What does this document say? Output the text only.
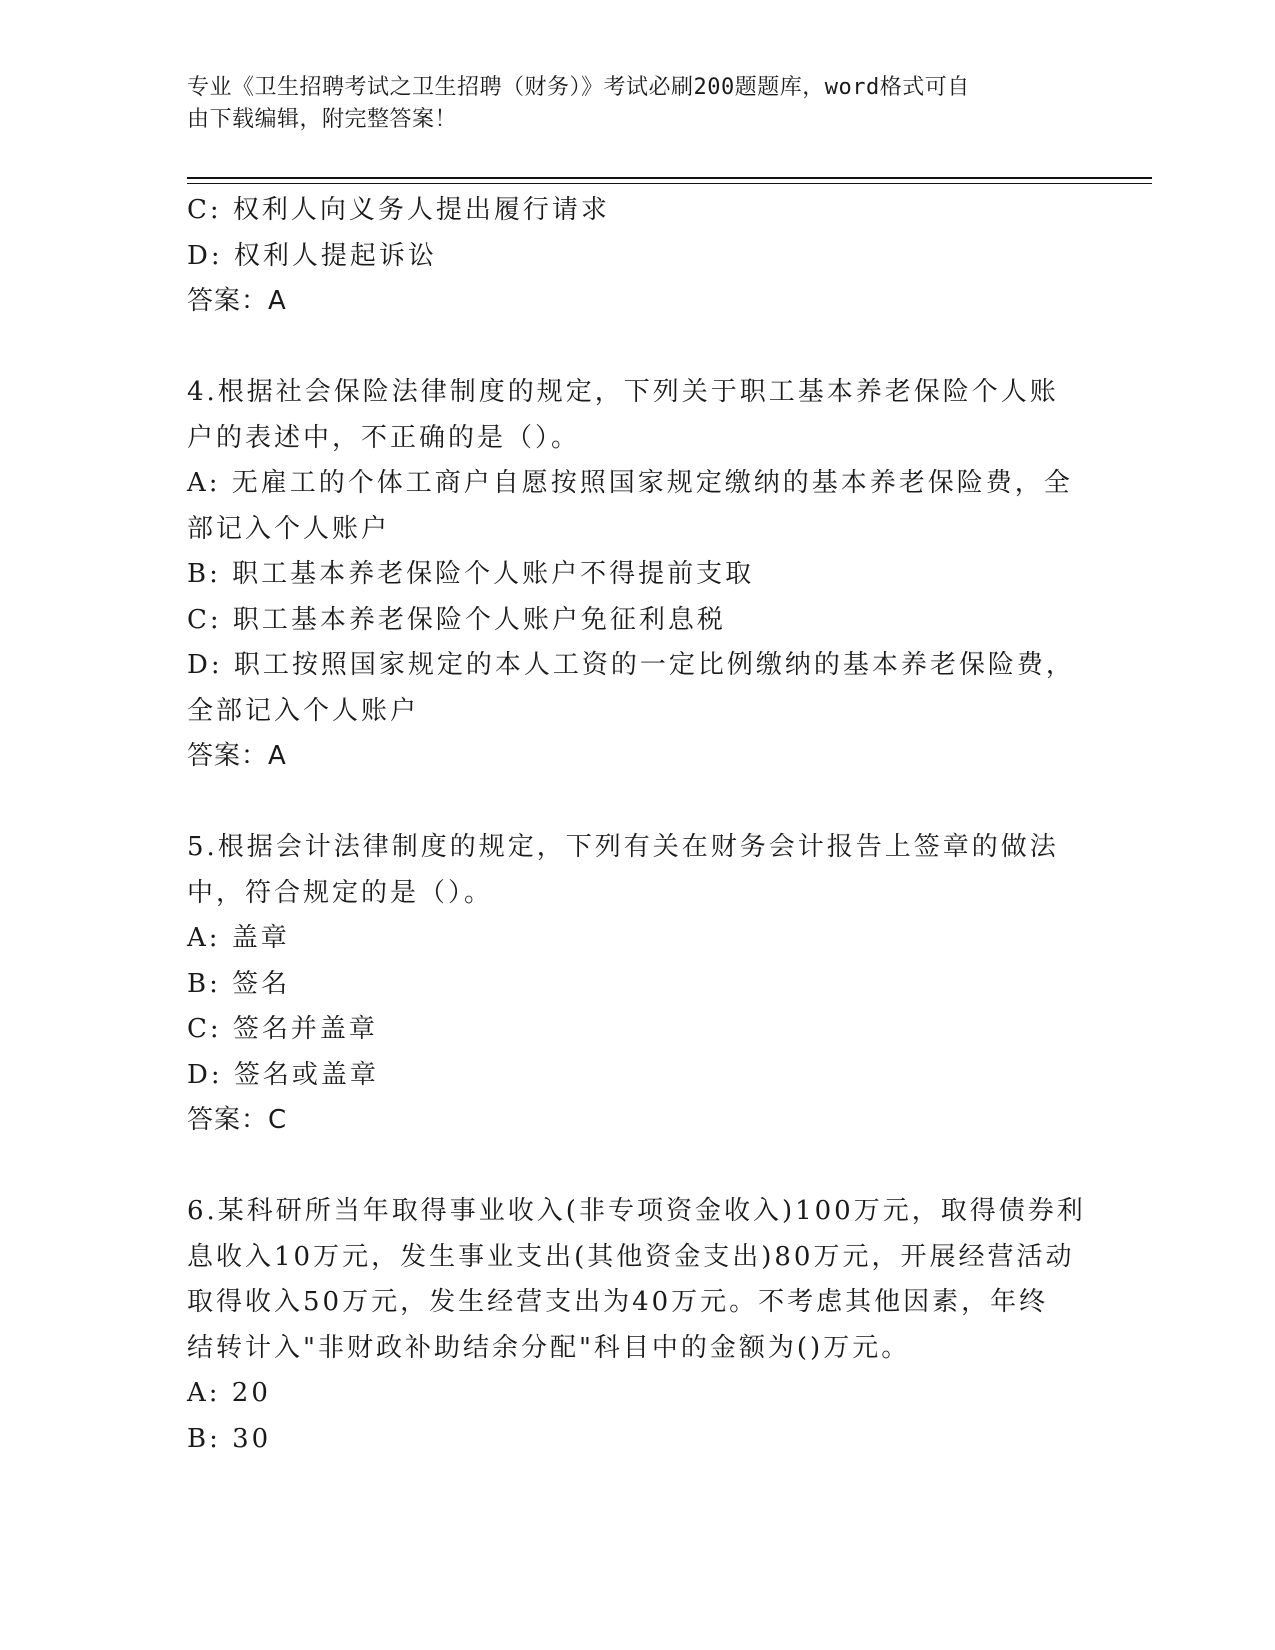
专业《卫生招聘考试之卫生招聘（财务）》考试必刷200题题库，word格式可自
由下载编辑，附完整答案！
C: 权利人向义务人提出履行请求
D: 权利人提起诉讼
答案：A
4.根据社会保险法律制度的规定，下列关于职工基本养老保险个人账
户的表述中，不正确的是（）。
A: 无雇工的个体工商户自愿按照国家规定缴纳的基本养老保险费，全
部记入个人账户
B: 职工基本养老保险个人账户不得提前支取
C: 职工基本养老保险个人账户免征利息税
D: 职工按照国家规定的本人工资的一定比例缴纳的基本养老保险费，
全部记入个人账户
答案：A
5.根据会计法律制度的规定，下列有关在财务会计报告上签章的做法
中，符合规定的是（）。
A: 盖章
B: 签名
C: 签名并盖章
D: 签名或盖章
答案：C
6.某科研所当年取得事业收入(非专项资金收入)100万元，取得债券利
息收入10万元，发生事业支出(其他资金支出)80万元，开展经营活动
取得收入50万元，发生经营支出为40万元。不考虑其他因素，年终
结转计入"非财政补助结余分配"科目中的金额为()万元。
A: 20
B: 30
